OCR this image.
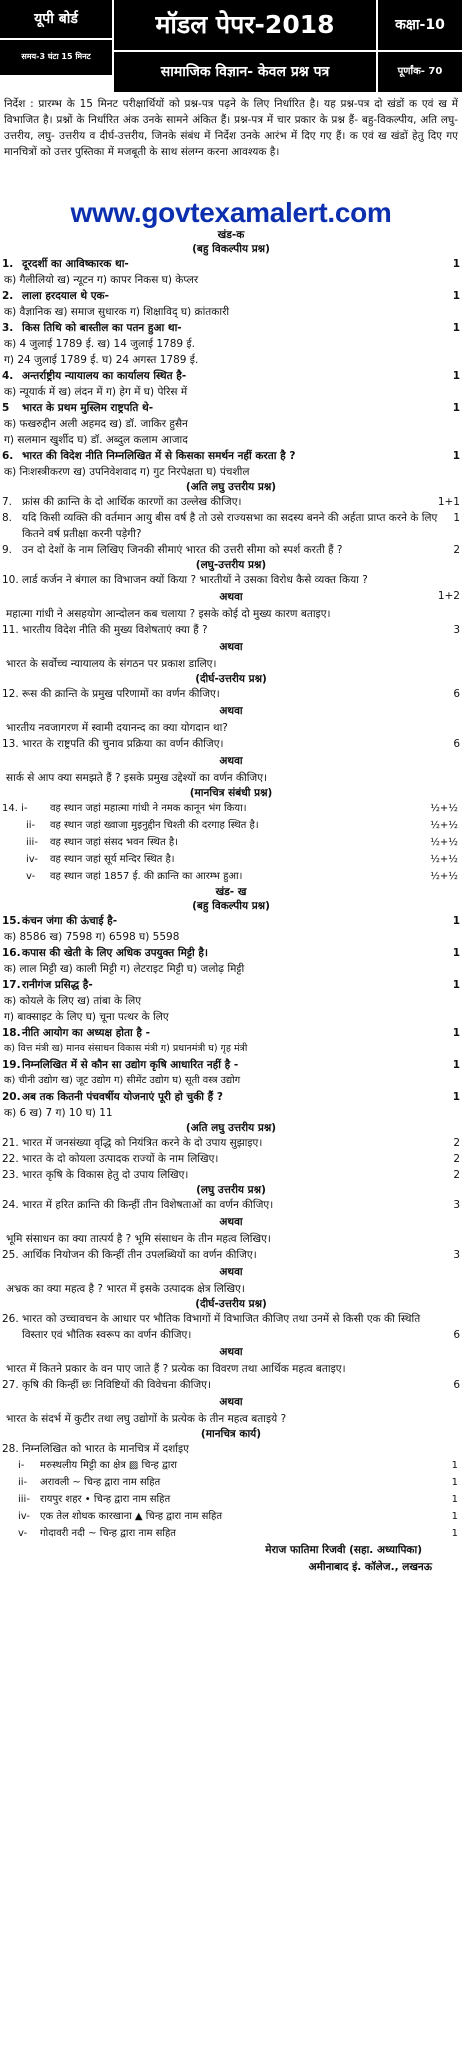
यूपी बोर्ड	मॉडल पेपर-2018
समय-3 घंटा 15 मिनट
सामाजिक विज्ञान- केवल प्रश्न पत्र
कक्षा-10
पूर्णांक- 70
निर्देश : प्रारम्भ के 15 मिनट परीक्षार्थियों को प्रश्न-पत्र पढ़ने के लिए निर्धारित है। यह प्रश्न-पत्र दो खंडों क एवं ख में विभाजित है। प्रश्नों के निर्धारित अंक उनके सामने अंकित हैं। प्रश्न-पत्र में चार प्रकार के प्रश्न हैं- बहु-विकल्पीय, अति लघु-उत्तरीय, लघु- उत्तरीय व दीर्घ-उत्तरीय, जिनके संबंध में निर्देश उनके आरंभ में दिए गए हैं। क एवं ख खंडों हेतु दिए गए मानचित्रों को उत्तर पुस्तिका में मजबूती के साथ संलग्न करना आवश्यक है।
www.govtexamalert.com
खंड-क
(बहु विकल्पीय प्रश्न)
1. दूरदर्शी का आविष्कारक था-	1
क) गैलीलियो ख) न्यूटन ग) कापर निकस घ) केप्लर
2. लाला हरदयाल थे एक-	1
क) वैज्ञानिक ख) समाज सुधारक ग) शिक्षाविद् घ) क्रांतकारी
3. किस तिथि को बास्तील का पतन हुआ था-	1
क) 4 जुलाई 1789 ई. ख) 14 जुलाई 1789 ई.
ग) 24 जुलाई 1789 ई. घ) 24 अगस्त 1789 ई.
4. अन्तर्राष्ट्रीय न्यायालय का कार्यालय स्थित है-	1
क) न्यूयार्क में ख) लंदन में ग) हेग में घ) पेरिस में
5 भारत के प्रथम मुस्लिम राष्ट्रपति थे-	1
क) फखरुद्दीन अली अहमद ख) डॉ. जाकिर हुसैन
ग) सलमान खुर्शीद घ) डॉ. अब्दुल कलाम आजाद
6. भारत की विदेश नीति निम्नलिखित में से किसका समर्थन नहीं करता है ?	1
क) निःशस्त्रीकरण ख) उपनिवेशवाद ग) गुट निरपेक्षता घ) पंचशील
(अति लघु उत्तरीय प्रश्न)
7. फ्रांस की क्रान्ति के दो आर्थिक कारणों का उल्लेख कीजिए।	1+1
8. यदि किसी व्यक्ति की वर्तमान आयु बीस वर्ष है तो उसे राज्यसभा का सदस्य बनने की अर्हता प्राप्त करने के लिए कितने वर्ष प्रतीक्षा करनी पड़ेगी?
1
9. उन दो देशों के नाम लिखिए जिनकी सीमाएं भारत की उत्तरी सीमा को स्पर्श करती हैं ?	2
(लघु-उत्तरीय प्रश्न)
10. लार्ड कर्जन ने बंगाल का विभाजन क्यों किया ? भारतीयों ने उसका विरोध कैसे व्यक्त किया ?
1+2
अथवा
महात्मा गांधी ने असहयोग आन्दोलन कब चलाया ? इसके कोई दो मुख्य कारण बताइए।
11. भारतीय विदेश नीति की मुख्य विशेषताएं क्या हैं ?	3
अथवा
भारत के सर्वोच्च न्यायालय के संगठन पर प्रकाश डालिए।
(दीर्घ-उत्तरीय प्रश्न)
12. रूस की क्रान्ति के प्रमुख परिणामों का वर्णन कीजिए।	6
अथवा
भारतीय नवजागरण में स्वामी दयानन्द का क्या योगदान था?
13. भारत के राष्ट्रपति की चुनाव प्रक्रिया का वर्णन कीजिए।	6
अथवा
सार्क से आप क्या समझते हैं ? इसके प्रमुख उद्देश्यों का वर्णन कीजिए।
(मानचित्र संबंधी प्रश्न)
14. i- वह स्थान जहां महात्मा गांधी ने नमक कानून भंग किया।	½+½
ii- वह स्थान जहां ख्वाजा मुइनुद्दीन चिश्ती की दरगाह स्थित है।	½+½
iii- वह स्थान जहां संसद भवन स्थित है।	½+½
iv- वह स्थान जहां सूर्य मन्दिर स्थित है।	½+½
v- वह स्थान जहां 1857 ई. की क्रान्ति का आरम्भ हुआ।	½+½
खंड- ख
(बहु विकल्पीय प्रश्न)
15. कंचन जंगा की ऊंचाई है-	1
क) 8586 ख) 7598 ग) 6598 घ) 5598
16. कपास की खेती के लिए अधिक उपयुक्त मिट्टी है।	1
क) लाल मिट्टी ख) काली मिट्टी ग) लेटराइट मिट्टी घ) जलोढ़ मिट्टी
17. रानीगंज प्रसिद्ध है-	1
क) कोयले के लिए ख) तांबा के लिए
ग) बाक्साइट के लिए घ) चूना पत्थर के लिए
18. नीति आयोग का अध्यक्ष होता है -	1
क) वित्त मंत्री ख) मानव संसाधन विकास मंत्री ग) प्रधानमंत्री घ) गृह मंत्री
19. निम्नलिखित में से कौन सा उद्योग कृषि आधारित नहीं है -	1
क) चीनी उद्योग ख) जूट उद्योग ग) सीमेंट उद्योग घ) सूती वस्त्र उद्योग
20. अब तक कितनी पंचवर्षीय योजनाएं पूरी हो चुकी हैं ?	1
क) 6 ख) 7 ग) 10 घ) 11
(अति लघु उत्तरीय प्रश्न)
21. भारत में जनसंख्या वृद्धि को नियंत्रित करने के दो उपाय सुझाइए।	2
22. भारत के दो कोयला उत्पादक राज्यों के नाम लिखिए।	2
23. भारत कृषि के विकास हेतु दो उपाय लिखिए।	2
(लघु उत्तरीय प्रश्न)
24. भारत में हरित क्रान्ति की किन्हीं तीन विशेषताओं का वर्णन कीजिए।	3
अथवा
भूमि संसाधन का क्या तात्पर्य है ? भूमि संसाधन के तीन महत्व लिखिए।
25. आर्थिक नियोजन की किन्हीं तीन उपलब्धियों का वर्णन कीजिए।	3
अथवा
अभ्रक का क्या महत्व है ? भारत में इसके उत्पादक क्षेत्र लिखिए।
(दीर्घ-उत्तरीय प्रश्न)
26. भारत को उच्चावचन के आधार पर भौतिक विभागों में विभाजित कीजिए तथा उनमें से किसी एक की स्थिति विस्तार एवं भौतिक स्वरूप का वर्णन कीजिए।	6
अथवा
भारत में कितने प्रकार के वन पाए जाते हैं ? प्रत्येक का विवरण तथा आर्थिक महत्व बताइए।
27. कृषि की किन्हीं छः निविष्टियों की विवेचना कीजिए।	6
अथवा
भारत के संदर्भ में कुटीर तथा लघु उद्योगों के प्रत्येक के तीन महत्व बताइये ?
(मानचित्र कार्य)
28. निम्नलिखित को भारत के मानचित्र में दर्शाइए
i- मरुस्थलीय मिट्टी का क्षेत्र ▨ चिन्ह द्वारा	1
ii- अरावली ~ चिन्ह द्वारा नाम सहित	1
iii- रायपुर शहर • चिन्ह द्वारा नाम सहित	1
iv- एक तेल शोधक कारखाना ▲ चिन्ह द्वारा नाम सहित	1
v- गोदावरी नदी ~ चिन्ह द्वारा नाम सहित	1
मेराज फातिमा रिजवी (सहा. अध्यापिका)
अमीनाबाद इं. कॉलेज., लखनऊ
